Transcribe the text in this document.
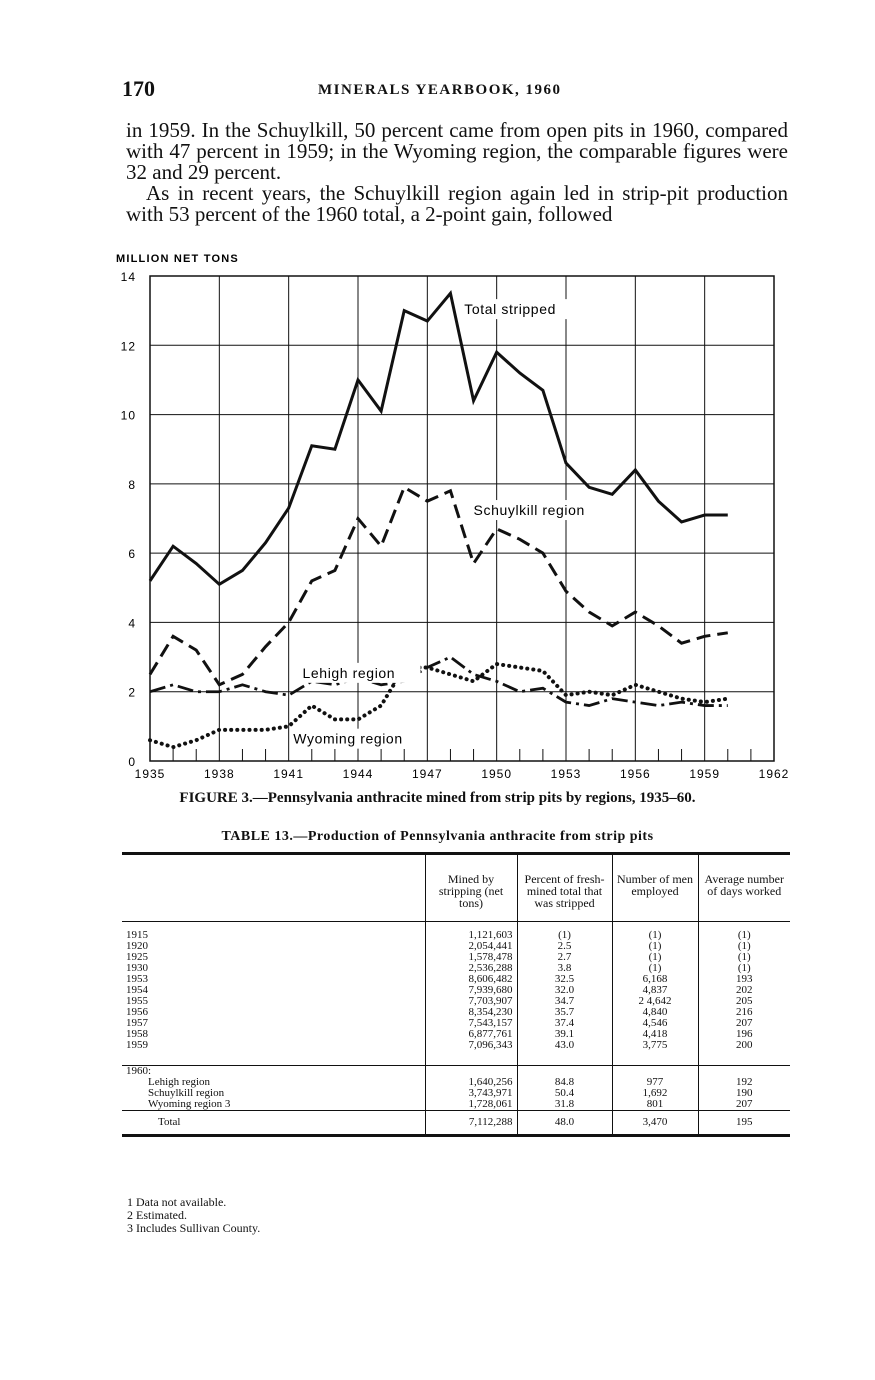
170	MINERALS YEARBOOK, 1960

in 1959. In the Schuylkill, 50 percent came from open pits in 1960, compared with 47 percent in 1959; in the Wyoming region, the comparable figures were 32 and 29 percent.

As in recent years, the Schuylkill region again led in strip-pit production with 53 percent of the 1960 total, a 2-point gain, followed

0
2
4
6
8
10
12
14
1935	1938	1941	1944	1947	1950	1953	1956	1959	1962
MILLION NET TONS
Total stripped
Schuylkill region
Lehigh region
Wyoming region
FIGURE 3.—Pennsylvania anthracite mined from strip pits by regions, 1935–60.
TABLE 13.—Production of Pennsylvania anthracite from strip pits
	Mined by stripping (net tons)	Percent of fresh-mined total that was stripped	Number of men employed	Average number of days worked
1915	1,121,603	(1)	(1)	(1)
1920	2,054,441	2.5	(1)	(1)
1925	1,578,478	2.7	(1)	(1)
1930	2,536,288	3.8	(1)	(1)
1953	8,606,482	32.5	6,168	193
1954	7,939,680	32.0	4,837	202
1955	7,703,907	34.7	2 4,642	205
1956	8,354,230	35.7	4,840	216
1957	7,543,157	37.4	4,546	207
1958	6,877,761	39.1	4,418	196
1959	7,096,343	43.0	3,775	200

1960:				
Lehigh region	1,640,256	84.8	977	192
Schuylkill region	3,743,971	50.4	1,692	190
Wyoming region 3	1,728,061	31.8	801	207
Total	7,112,288	48.0	3,470	195
1 Data not available.
2 Estimated.
3 Includes Sullivan County.
